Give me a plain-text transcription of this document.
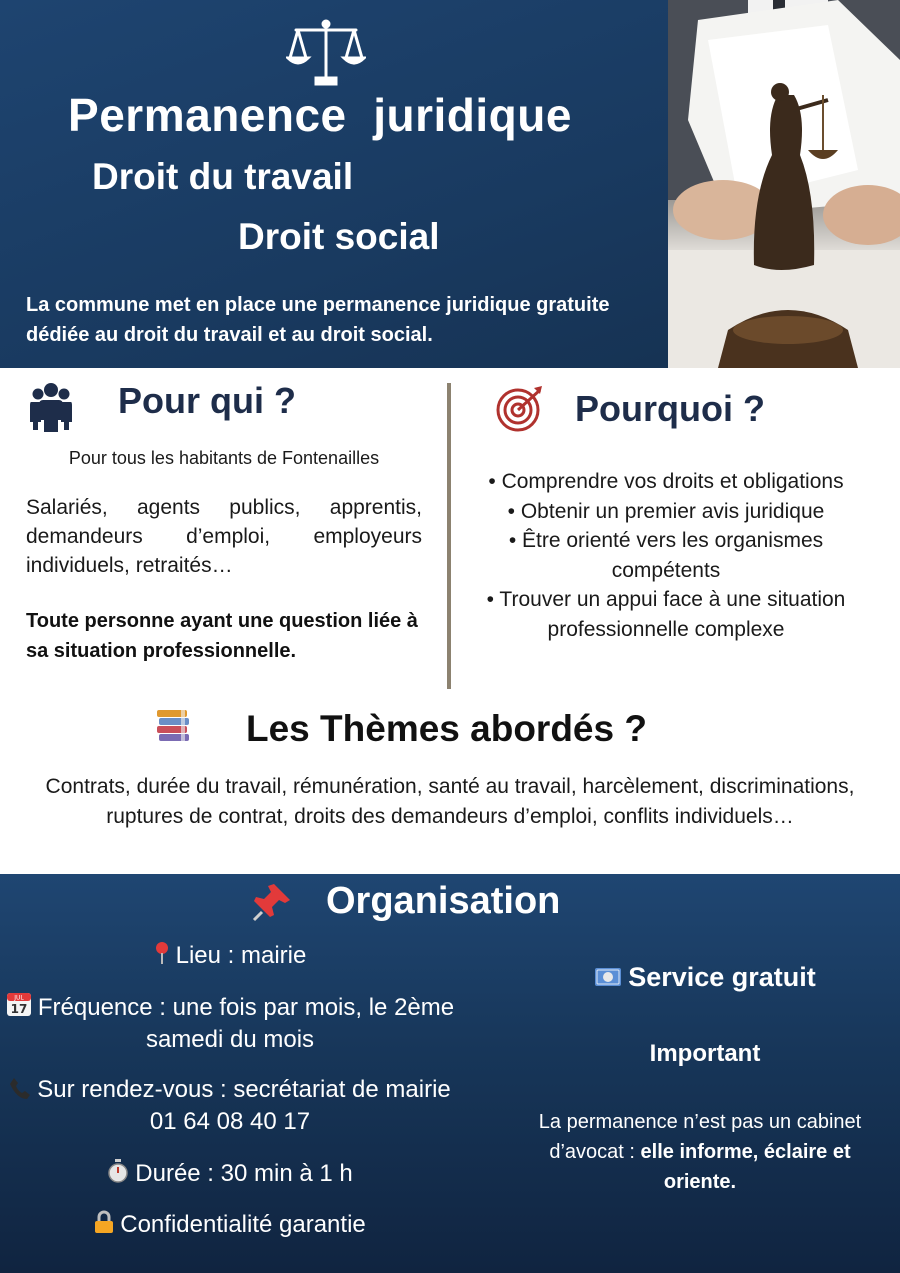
Permanence  juridique
Droit du travail
Droit social
La commune met en place une permanence juridique gratuite dédiée au droit du travail et au droit social.
Pour qui ?
Pour tous les habitants de Fontenailles
Salariés, agents publics, apprentis, demandeurs d’emploi, employeurs individuels, retraités…
Toute personne ayant une question liée à sa situation professionnelle.
Pourquoi ?
• Comprendre vos droits et obligations
• Obtenir un premier avis juridique
• Être orienté vers les organismes compétents
• Trouver un appui face à une situation professionnelle complexe
Les Thèmes abordés ?
Contrats, durée du travail, rémunération, santé au travail, harcèlement, discriminations, ruptures de contrat, droits des demandeurs d’emploi, conflits individuels…
Organisation
Lieu : mairie
JUL
17 Fréquence : une fois par mois, le 2ème samedi du mois
Sur rendez-vous : secrétariat de mairie 01 64 08 40 17
Durée : 30 min à 1 h
Confidentialité garantie
Service gratuit
Important
La permanence n’est pas un cabinet d’avocat : elle informe, éclaire et oriente.
